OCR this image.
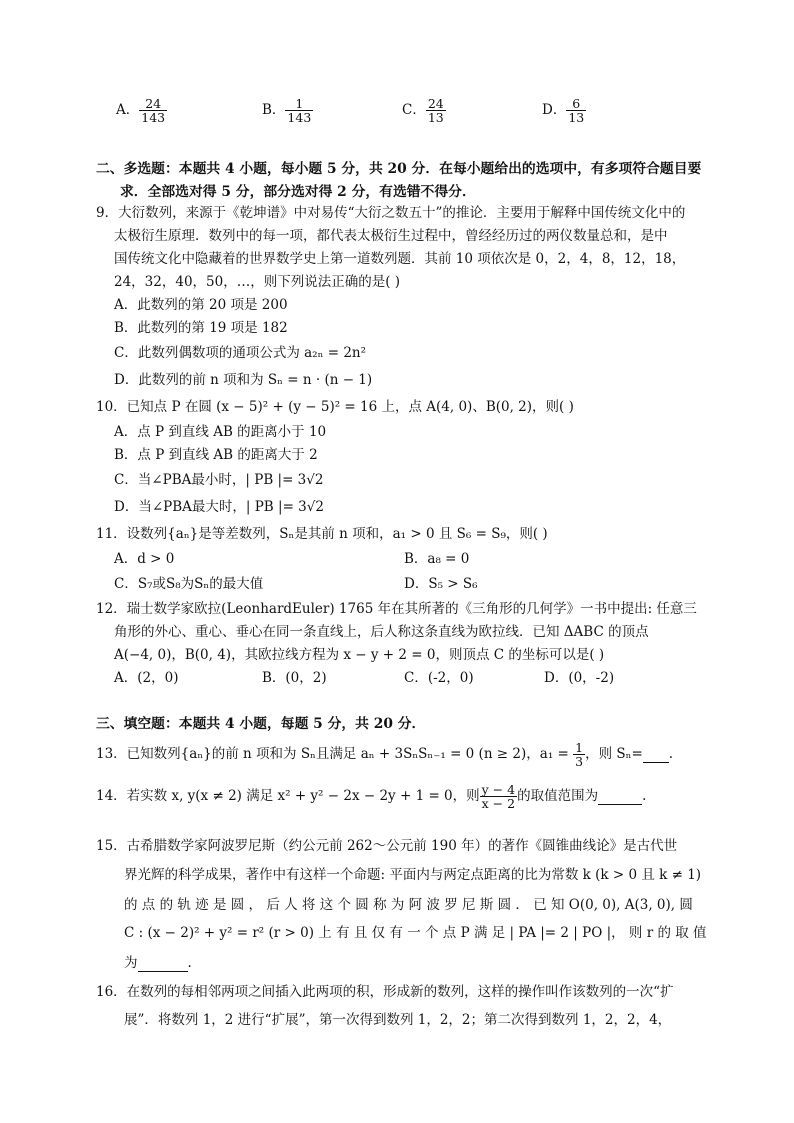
A． $\frac{24}{143}$	B． $\frac{1}{143}$	C． $\frac{24}{13}$	D． $\frac{6}{13}$
二、多选题：本题共 4 小题，每小题 5 分，共 20 分．在每小题给出的选项中，有多项符合题目要
求．全部选对得 5 分，部分选对得 2 分，有选错不得分．
9．大衍数列，来源于《乾坤谱》中对易传“大衍之数五十”的推论．主要用于解释中国传统文化中的
太极衍生原理．数列中的每一项，都代表太极衍生过程中，曾经经历过的两仪数量总和，是中
国传统文化中隐藏着的世界数学史上第一道数列题．其前 10 项依次是 0，2，4，8，12，18，
24，32，40，50，…，则下列说法正确的是( )
A．此数列的第 20 项是 200
B．此数列的第 19 项是 182
C．此数列偶数项的通项公式为 a₂ₙ = 2n²
D．此数列的前 n 项和为 Sₙ = n · (n − 1)
10．已知点 P 在圆 (x − 5)² + (y − 5)² = 16 上，点 A(4, 0)、B(0, 2)，则( )
A．点 P 到直线 AB 的距离小于 10
B．点 P 到直线 AB 的距离大于 2
C．当∠PBA最小时，| PB |= 3√2
D．当∠PBA最大时，| PB |= 3√2
11．设数列{aₙ}是等差数列，Sₙ是其前 n 项和，a₁ > 0 且 S₆ = S₉，则( )
A．d > 0	B．a₈ = 0
C．S₇或S₈为Sₙ的最大值	D．S₅ > S₆
12．瑞士数学家欧拉(LeonhardEuler) 1765 年在其所著的《三角形的几何学》一书中提出: 任意三
角形的外心、重心、垂心在同一条直线上，后人称这条直线为欧拉线．已知 ΔABC 的顶点
A(−4, 0)，B(0, 4)，其欧拉线方程为 x − y + 2 = 0，则顶点 C 的坐标可以是( )
A．(2，0)	B．(0，2)	C．(-2，0)	D．(0，-2)
三、填空题：本题共 4 小题，每题 5 分，共 20 分．
13．已知数列{aₙ}的前 n 项和为 Sₙ且满足 aₙ + 3SₙSₙ₋₁ = 0 (n ≥ 2)，$a_1 = \frac{1}{3}$ ，则 Sₙ= .
14．若实数 x, y(x ≠ 2) 满足 x² + y² − 2x − 2y + 1 = 0，则 $\frac{y - 4}{x - 2}$ 的取值范围为	.
15．古希腊数学家阿波罗尼斯（约公元前 262～公元前 190 年）的著作《圆锥曲线论》是古代世
界光辉的科学成果，著作中有这样一个命题: 平面内与两定点距离的比为常数 k (k > 0 且 k ≠ 1)
的 点 的 轨 迹 是 圆 ， 后 人 将 这 个 圆 称 为 阿 波 罗 尼 斯 圆 ． 已 知 O(0, 0), A(3, 0), 圆
C : (x − 2)² + y² = r² (r > 0) 上 有 且 仅 有 一 个 点 P 满 足 | PA |= 2 | PO |， 则 r 的 取 值
为	.
16．在数列的每相邻两项之间插入此两项的积，形成新的数列，这样的操作叫作该数列的一次“扩
展”．将数列 1，2 进行“扩展”，第一次得到数列 1，2，2；第二次得到数列 1，2，2，4，
